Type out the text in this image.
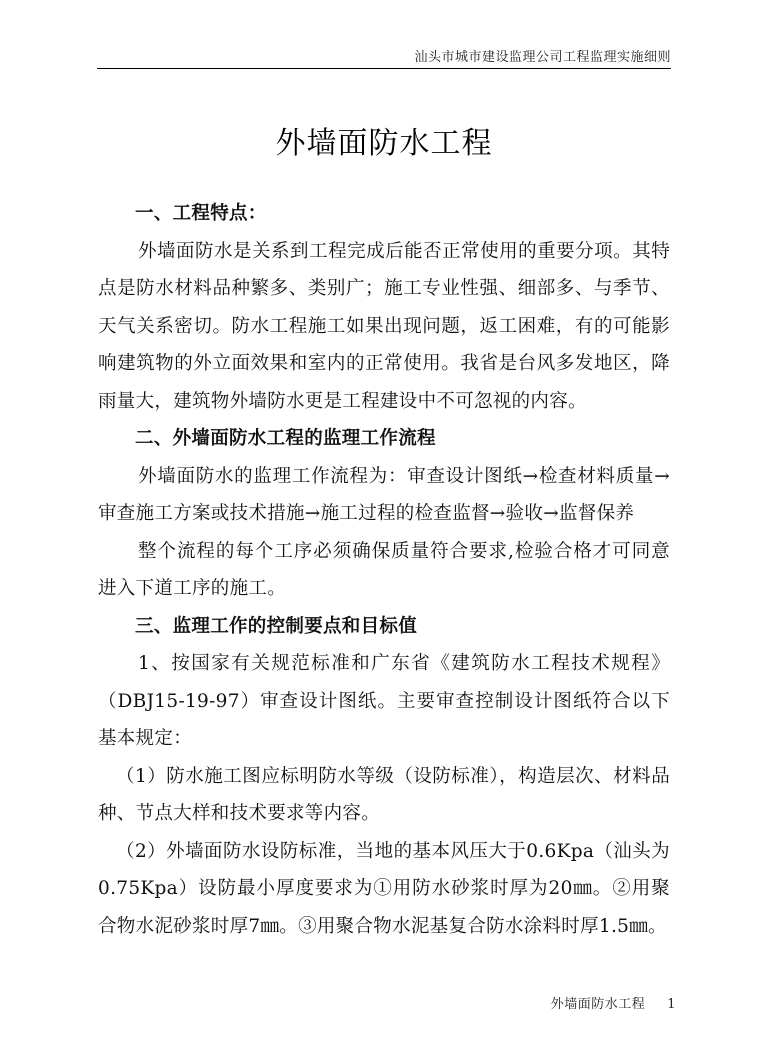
汕头市城市建设监理公司工程监理实施细则
外墙面防水工程
一、工程特点：

外墙面防水是关系到工程完成后能否正常使用的重要分项。其特点是防水材料品种繁多、类别广；施工专业性强、细部多、与季节、天气关系密切。防水工程施工如果出现问题，返工困难，有的可能影响建筑物的外立面效果和室内的正常使用。我省是台风多发地区，降雨量大，建筑物外墙防水更是工程建设中不可忽视的内容。

二、外墙面防水工程的监理工作流程

外墙面防水的监理工作流程为：审查设计图纸→检查材料质量→审查施工方案或技术措施→施工过程的检查监督→验收→监督保养

整个流程的每个工序必须确保质量符合要求,检验合格才可同意进入下道工序的施工。

三、监理工作的控制要点和目标值

1、按国家有关规范标准和广东省《建筑防水工程技术规程》（DBJ15-19-97）审查设计图纸。主要审查控制设计图纸符合以下基本规定：

（1）防水施工图应标明防水等级（设防标准），构造层次、材料品种、节点大样和技术要求等内容。

（2）外墙面防水设防标准，当地的基本风压大于0.6Kpa（汕头为0.75Kpa）设防最小厚度要求为①用防水砂浆时厚为20㎜。②用聚合物水泥砂浆时厚7㎜。③用聚合物水泥基复合防水涂料时厚1.5㎜。

外墙面防水工程 1
